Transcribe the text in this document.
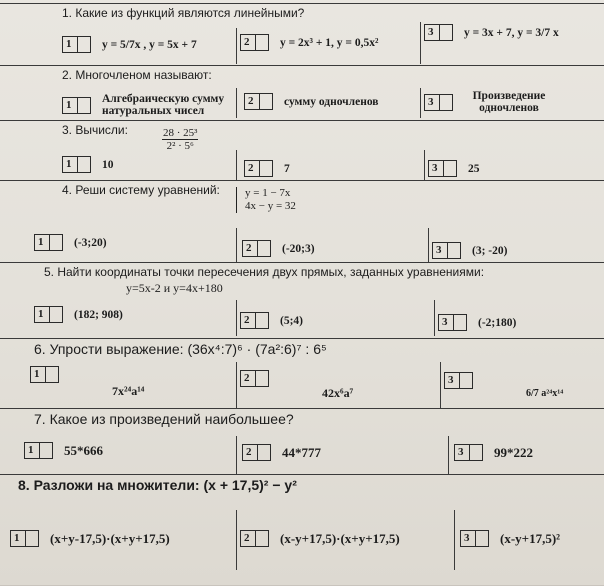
1. Какие из функций являются линейными?
1	y = 5/7x , y = 5x + 7	2	y = 2x³ + 1, y = 0,5x²
3	y = 3x + 7, y = 3/7 x
2. Многочленом называют:
1	Алгебраическую сумму натуральных чисел
2	сумму одночленов	3	Произведение одночленов
3. Вычисли:	$\frac{\text{28 · 25³}}{\text{2² · 5⁶}}$
1	10	2	7	3	25
4. Реши систему уравнений: y = 1 − 7x
4x − y = 32
1	(-3;20)	2	(-20;3)	3	(3; -20)
5. Найти координаты точки пересечения двух прямых, заданных уравнениями:
y=5x-2 и y=4x+180
1	(182; 908)	2	(5;4)	3	(-2;180)
6. Упрости выражение: (36x⁴:7)⁶ · (7a²:6)⁷ : 6⁵
1
7x²⁴a¹⁴
2
42x⁶a⁷
3
6/7 a²⁴x¹⁴
7. Какое из произведений наибольшее?
1 55*666	2 44*777	3 99*222
8. Разложи на множители: (x + 17,5)² − y²
1 (x+y-17,5)·(x+y+17,5)	2 (x-y+17,5)·(x+y+17,5)	3 (x-y+17,5)²
